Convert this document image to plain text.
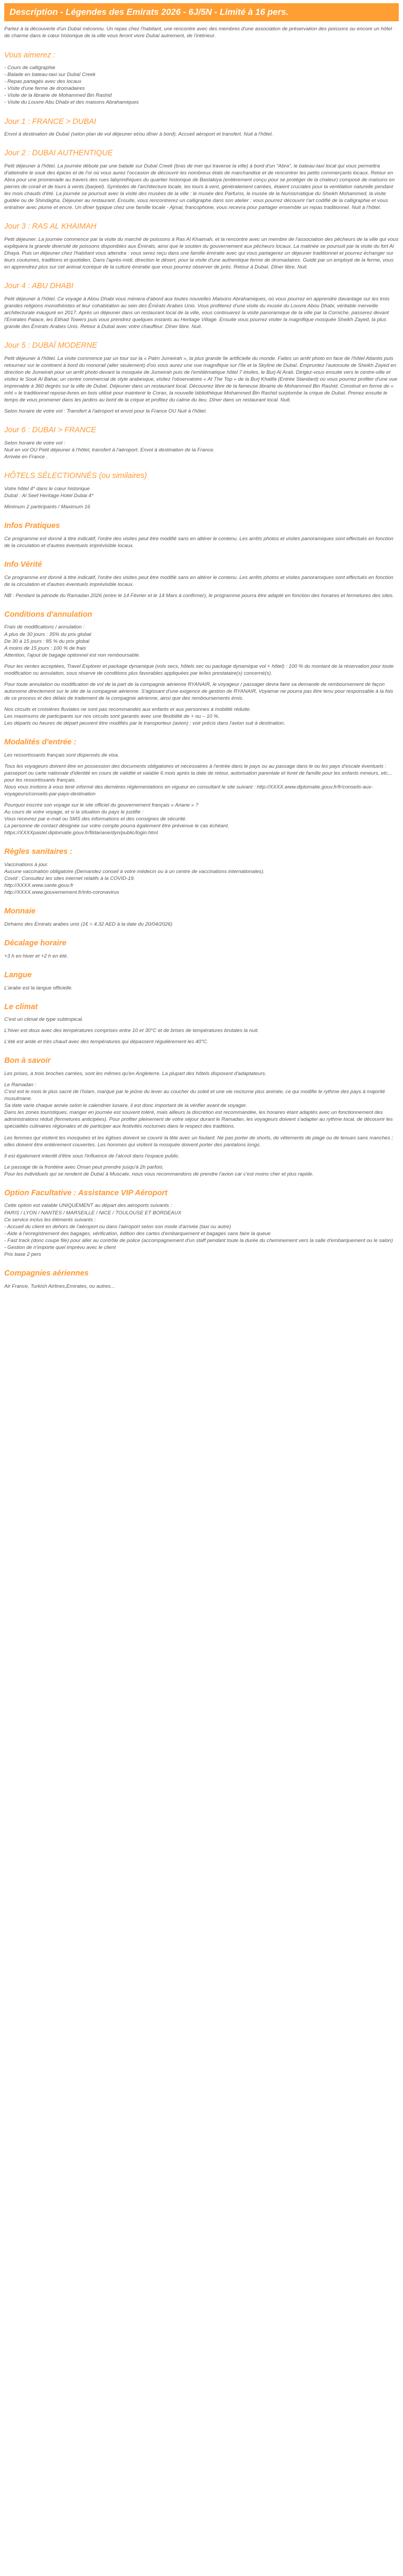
Description - Légendes des Emirats 2026 - 6J/5N - Limité à 16 pers.

Partez à la découverte d'un Dubaï méconnu. Un repas chez l'habitant, une rencontre avec des membres d'une association de préservation des poissons ou encore un hôtel de charme dans le cœur historique de la ville vous feront vivre Dubaï autrement, de l'intérieur.

Vous aimerez :
- Cours de calligraphie
- Balade en bateau-taxi sur Dubaï Creek
- Repas partagés avec des locaux
- Visite d'une ferme de dromadaires
- Visite de la librairie de Mohammed Bin Rashid
- Visite du Louvre Abu Dhabi et des maisons Abrahamiques
Jour 1 : FRANCE > DUBAI
Envol à destination de Dubaï (selon plan de vol déjeuner et/ou dîner à bord). Accueil aéroport et transfert. Nuit à l'hôtel.
Jour 2 : DUBAI AUTHENTIQUE
Petit déjeuner à l'hôtel. La journée débute par une balade sur Dubaï Creek (bras de mer qui traverse la ville) à bord d'un "Abra", le bateau-taxi local qui vous permettra d'atteindre le souk des épices et de l'or où vous aurez l'occasion de découvrir les nombreux étals de marchandise et de rencontrer les petits commerçants locaux. Retour en Abra pour une promenade au travers des rues labyrinthiques du quartier historique de Bastakiya (entièrement conçu pour se protéger de la chaleur) composé de maisons en pierres de corail et de tours à vents (barjeel). Symboles de l'architecture locale, les tours à vent, généralement carrées, étaient cruciales pour la ventilation naturelle pendant les mois chauds d'été. La journée se poursuit avec la visite des musées de la ville : le musée des Parfums, le musée de la Numismatique du Sheikh Mohammed, la visite guidée ou de Shindagha. Déjeuner au restaurant. Ensuite, vous rencontrerez un calligraphe dans son atelier : vous pourrez découvrir l'art codifié de la calligraphie et vous entraîner avec plume et encre. Un dîner typique chez une famille locale - Ajmal, francophone, vous recevra pour partager ensemble un repas traditionnel. Nuit à l'hôtel.
Jour 3 : RAS AL KHAIMAH
Petit déjeuner. La journée commence par la visite du marché de poissons à Ras Al Khaimah, et la rencontre avec un membre de l'association des pêcheurs de la ville qui vous expliquera la grande diversité de poissons disponibles aux Émirats, ainsi que le soutien du gouvernement aux pêcheurs locaux. La matinée se poursuit par la visite du fort Al Dhaya. Puis un déjeuner chez l'habitant vous attendra : vous serez reçu dans une famille émiratie avec qui vous partagerez un déjeuner traditionnel et pourrez échanger sur leurs coutumes, traditions et quotidien. Dans l'après-midi, direction le désert, pour la visite d'une authentique ferme de dromadaires. Guidé par un employé de la ferme, vous en apprendrez plus sur cet animal iconique de la culture émiratie que vous pourrez observer de près. Retour à Dubaï. Dîner libre. Nuit.
Jour 4 : ABU DHABI
Petit déjeuner à l'hôtel. Ce voyage à Abou Dhabi vous mènera d'abord aux toutes nouvelles Maisons Abrahamiques, où vous pourrez en apprendre davantage sur les trois grandes religions monothéistes et leur cohabitation au sein des Émirats Arabes Unis. Vous profiterez d'une visite du musée du Louvre Abou Dhabi, véritable merveille architecturale inauguré en 2017. Après un déjeuner dans un restaurant local de la ville, vous continuerez la visite panoramique de la ville par la Corniche, passerez devant l'Emirates Palace, les Etihad Towers puis vous prendrez quelques instants au Heritage Village. Ensuite vous pourrez visiter la magnifique mosquée Sheikh Zayed, la plus grande des Émirats Arabes Unis. Retour à Dubaï avec votre chauffeur. Dîner libre. Nuit.
Jour 5 : DUBAÏ MODERNE
Petit déjeuner à l'hôtel. La visite commence par un tour sur la « Palm Jumeirah », la plus grande île artificielle du monde. Faites un arrêt photo en face de l'hôtel Atlantis puis retournez sur le continent à bord du monorail (aller seulement) d'où vous aurez une vue magnifique sur l'île et la Skyline de Dubaï. Empruntez l'autoroute de Sheikh Zayed en direction de Jumeirah pour un arrêt photo devant la mosquée de Jumeirah puis de l'emblématique hôtel 7 étoiles, le Burj Al Arab. Dirigez-vous ensuite vers le centre-ville et visitez le Souk Al Bahar, un centre commercial de style arabesque, visitez l'observatoire « At The Top » de la Burj Khalifa (Entrée Standard) où vous pourrez profiter d'une vue imprenable à 360 degrés sur la ville de Dubaï. Déjeuner dans un restaurant local. Découvrez libre de la fameuse librairie de Mohammed Bin Rashid. Construit en forme de « mht » le traditionnel repose-livres en bois utilisé pour maintenir le Coran, la nouvelle bibliothèque Mohammed Bin Rashid surplombe la crique de Dubaï. Prenez ensuite le temps de vous promener dans les jardins au bord de la crique et profitez du calme du lieu. Dîner dans un restaurant local. Nuit.
Selon horaire de votre vol : Transfert à l'aéroport et envol pour la France OU Nuit à l'hôtel.
Jour 6 : DUBAI > FRANCE
Selon horaire de votre vol :
Nuit en vol OU Petit déjeuner à l'hôtel, transfert à l'aéroport. Envol à destination de la France.
Arrivée en France .
HÔTELS SÉLECTIONNÉS (ou similaires)
Votre hôtel 4* dans le cœur historique
Dubaï : Al Seef Heritage Hotel Dubai 4*
Minimum 2 participants / Maximum 16
Infos Pratiques
Ce programme est donné à titre indicatif, l'ordre des visites peut être modifié sans en altérer le contenu. Les arrêts photos et visites panoramiques sont effectués en fonction de la circulation et d'autres éventuels imprévisible locaux.
Info Vérité
Ce programme est donné à titre indicatif, l'ordre des visites peut être modifié sans en altérer le contenu. Les arrêts photos et visites panoramiques sont effectués en fonction de la circulation et d'autres éventuels imprévisible locaux.
NB : Pendant la période du Ramadan 2026 (entre le 14 Février et le 14 Mars à confirmer), le programme pourra être adapté en fonction des horaires et fermetures des sites.
Conditions d'annulation
Frais de modifications / annulation :
A plus de 30 jours : 35% du prix global
De 30 à 15 jours : 85 % du prix global
A moins de 15 jours : 100 % de frais
Attention, l'ajout de bagage optionnel est non remboursable.
Pour les ventes acceptées, Travel Explorer et package dynamique (vols secs, hôtels sec ou package dynamique vol + hôtel) : 100 % du montant de la réservation pour toute modification ou annulation, sous réserve de conditions plus favorables appliquées par le/les prestataire(s) concerné(s).
Pour toute annulation ou modification de vol de la part de la compagnie aérienne RYANAIR, le voyageur / passager devra faire sa demande de remboursement de façon autonome directement sur le site de la compagnie aérienne. S'agissant d'une exigence de gestion de RYANAIR, Voyamar ne pourra pas être tenu pour responsable à la fois de ce process et des délais de traitement de la compagnie aérienne, ainsi que des remboursements émis.
Nos circuits et croisières fluviales ne sont pas recommandés aux enfants et aux personnes à mobilité réduite.
Les maximums de participants sur nos circuits sont garantis avec une flexibilité de + ou – 10 %.
Les départs ou heures de départ peuvent être modifiés par le transporteur (avion) : voir précis dans l'avion suit à destination.
Modalités d'entrée :
Les ressortissants français sont dispensés de visa.
Tous les voyageurs doivent être en possession des documents obligatoires et nécessaires à l'entrée dans le pays ou au passage dans le ou les pays d'escale éventuels : passeport ou carte nationale d'identité en cours de validité et valable 6 mois après la date de retour, autorisation parentale et livret de famille pour les enfants mineurs, etc... pour les ressortissants français.
Nous vous invitons à vous tenir informé des dernières réglementations en vigueur en consultant le site suivant : http://XXXX.www.diplomatie.gouv.fr/fr/conseils-aux-voyageurs/conseils-par-pays-destination
Pourquoi inscrire son voyage sur le site officiel du gouvernement français « Ariane » ?
Au cours de votre voyage, et si la situation du pays le justifie :
Vous recevrez par e-mail ou SMS des informations et des consignes de sécurité.
La personne de contact désignée sur votre compte pourra également être prévenue le cas échéant.
https://XXXXpastel.diplomatie.gouv.fr/fildariane/dyn/public/login.html
Règles sanitaires :
Vaccinations à jour.
Aucune vaccination obligatoire (Demandez conseil à votre médecin ou à un centre de vaccinations internationales).
Covid : Consultez les sites internet relatifs à la COVID-19.
http://XXXX.www.sante.gouv.fr
http://XXXX.www.gouvernement.fr/info-coronavirus
Monnaie
Dirhams des Emirats arabes unis (1€ = 4.32 AED à la date du 20/04/2026)
Décalage horaire
+3 h en hiver et +2 h en été.
Langue
L'arabe est la langue officielle.
Le climat
C'est un climat de type subtropical.
L'hiver est doux avec des températures comprises entre 10 et 30°C et de brises de températures brutales la nuit.
L'été est aride et très chaud avec des températures qui dépassent régulièrement les 40°C.
Bon à savoir
Les prises, à trois broches carrées, sont les mêmes qu'en Angleterre. La plupart des hôtels disposent d'adaptateurs.
Le Ramadan :
C'est est le mois le plus sacré de l'Islam, marqué par le jeûne du lever au coucher du soleil et une vie nocturne plus animée, ce qui modifie le rythme des pays à majorité musulmane.
Sa date varie chaque année selon le calendrier lunaire, il est donc important de la vérifier avant de voyager.
Dans les zones touristiques, manger en journée est souvent toléré, mais ailleurs la discrétion est recommandée, les horaires étant adaptés avec un fonctionnement des administrations réduit (fermetures anticipées). Pour profiter pleinement de votre séjour durant le Ramadan, les voyageurs doivent s'adapter au rythme local, de découvrir les spécialités culinaires régionales et de participer aux festivités nocturnes dans le respect des traditions.
Les femmes qui visitent les mosquées et les églises doivent se couvrir la tête avec un foulard. Ne pas porter de shorts, de vêtements de plage ou de tenues sans manches ; elles doivent être entièrement couvertes. Les hommes qui visitent la mosquée doivent porter des pantalons longs.
Il est également interdit d'être sous l'influence de l'alcool dans l'espace public.
Le passage de la frontière avec Oman peut prendre jusqu'à 2h parfois.
Pour les individuels qui se rendent de Dubaï à Muscate, nous vous recommandons de prendre l'avion car c'est moins cher et plus rapide.
Option Facultative : Assistance VIP Aéroport
Cette option est valable UNIQUEMENT au départ des aéroports suivants :
PARIS / LYON / NANTES / MARSEILLE / NICE / TOULOUSE ET BORDEAUX
Ce service inclus les éléments suivants :
- Accueil du client en dehors de l'aéroport ou dans l'aéroport selon son mode d'arrivée (taxi ou autre)
- Aide à l'enregistrement des bagages, vérification, édition des cartes d'embarquement et bagages sans faire la queue
- Fast track (donc coupe file) pour aller au contrôle de police (accompagnement d'un staff pendant toute la durée du cheminement vers la salle d'embarquement ou le salon)
- Gestion de n'importe quel imprévu avec le client
Prix base 2 pers
Compagnies aériennes
Air France, Turkish Airlines,Emirates, ou autres...
